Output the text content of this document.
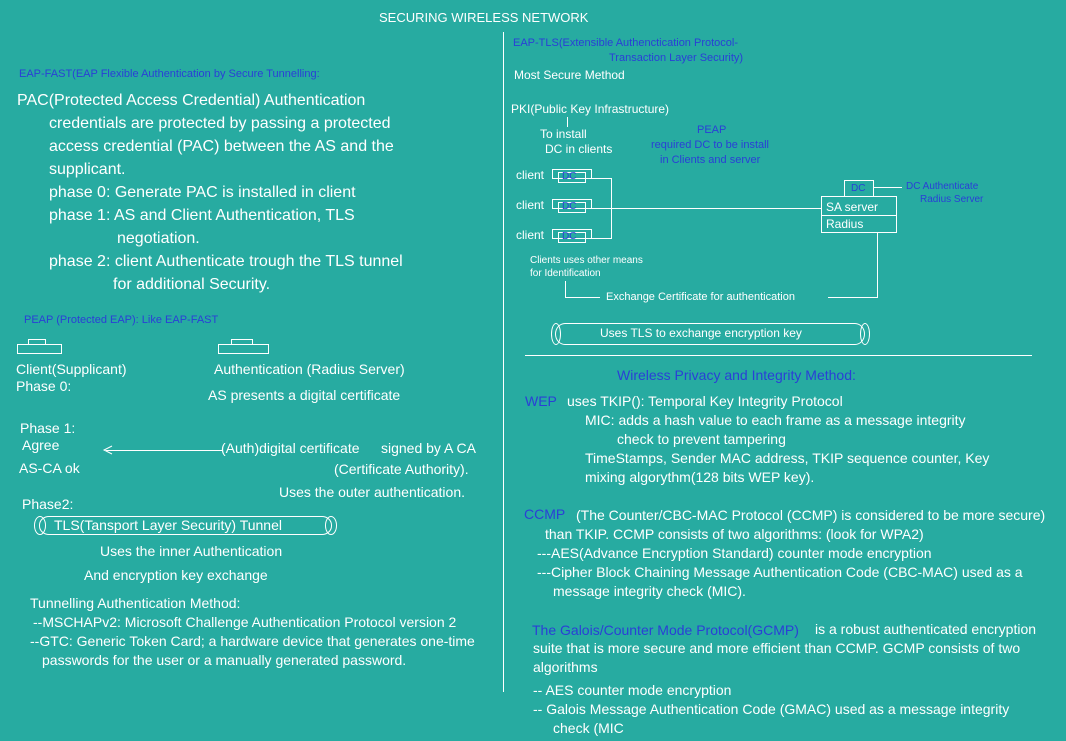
SECURING WIRELESS NETWORK
EAP-FAST(EAP Flexible Authentication by Secure Tunnelling:
PAC(Protected Access Credential) Authentication
credentials are protected by passing a protected
access credential (PAC) between the AS and the
supplicant.
phase 0: Generate PAC is installed in client
phase 1: AS and Client Authentication, TLS
negotiation.
phase 2: client Authenticate trough the TLS tunnel
for additional Security.
PEAP (Protected EAP): Like EAP-FAST
Client(Supplicant)
Phase 0:
Authentication (Radius Server)
AS presents a digital certificate
Phase 1:
Agree
AS-CA ok
(Auth)digital certificate signed by A CA
(Certificate Authority).
Uses the outer authentication.
Phase2:
TLS(Tansport Layer Security) Tunnel
Uses the inner Authentication
And encryption key exchange
Tunnelling Authentication Method:
--MSCHAPv2: Microsoft Challenge Authentication Protocol version 2
--GTC: Generic Token Card; a hardware device that generates one-time
passwords for the user or a manually generated password.
EAP-TLS(Extensible Authenctication Protocol-
Transaction Layer Security)
Most Secure Method
PKI(Public Key Infrastructure)
To install
DC in clients
PEAP
required DC to be install
in Clients and server
client
client
client
DC
DC
DC
DC
SA server
Radius
DC Authenticate
Radius Server
Clients uses other means
for Identification
Exchange Certificate for authentication
Uses TLS to exchange encryption key
Wireless Privacy and Integrity Method:
WEP uses TKIP(): Temporal Key Integrity Protocol
MIC: adds a hash value to each frame as a message integrity
check to prevent tampering
TimeStamps, Sender MAC address, TKIP sequence counter, Key
mixing algorythm(128 bits WEP key).
CCMP (The Counter/CBC-MAC Protocol (CCMP) is considered to be more secure)
than TKIP. CCMP consists of two algorithms: (look for WPA2)
---AES(Advance Encryption Standard) counter mode encryption
---Cipher Block Chaining Message Authentication Code (CBC-MAC) used as a
message integrity check (MIC).
The Galois/Counter Mode Protocol(GCMP) is a robust authenticated encryption
suite that is more secure and more efficient than CCMP. GCMP consists of two
algorithms
-- AES counter mode encryption
-- Galois Message Authentication Code (GMAC) used as a message integrity
check (MIC
